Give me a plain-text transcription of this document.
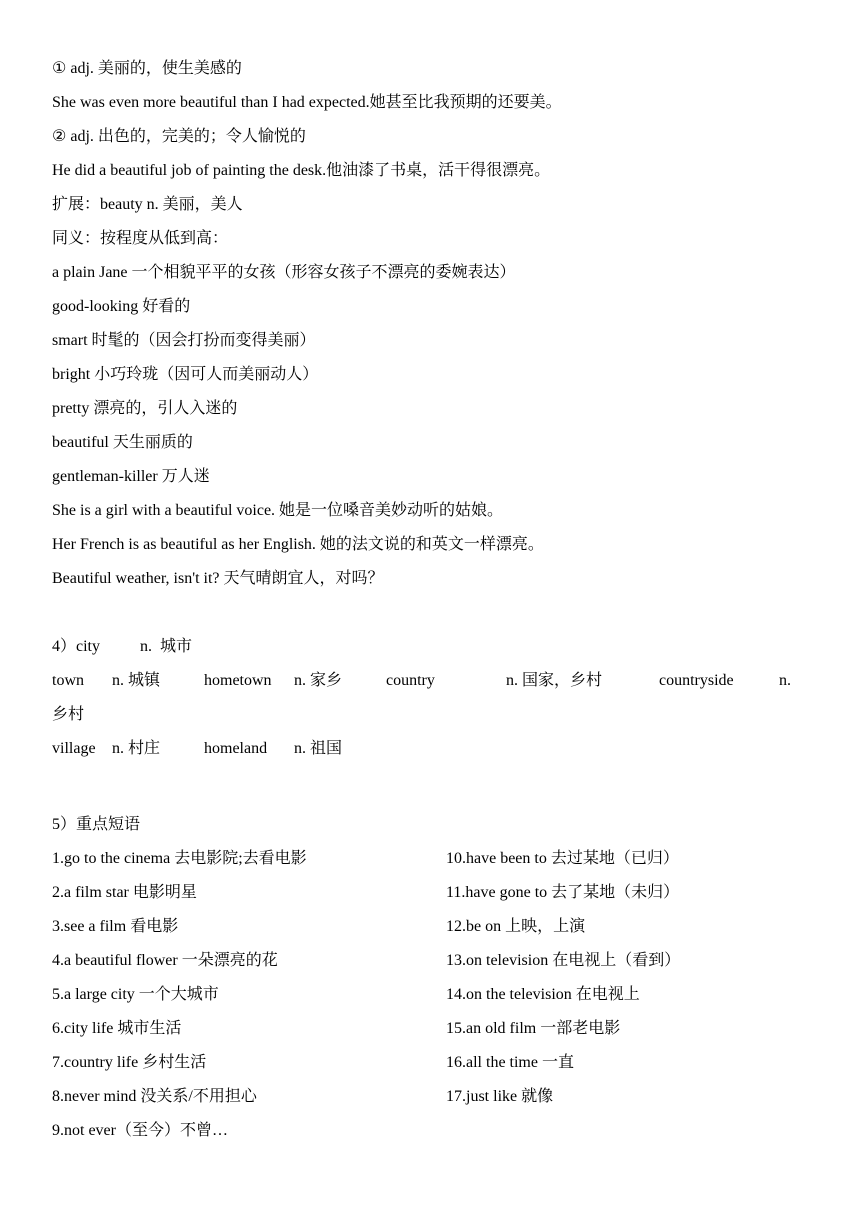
① adj. 美丽的，使生美感的
She was even more beautiful than I had expected.她甚至比我预期的还要美。
② adj. 出色的，完美的；令人愉悦的
He did a beautiful job of painting the desk.他油漆了书桌，活干得很漂亮。
扩展：beauty n. 美丽，美人
同义：按程度从低到高：
a plain Jane 一个相貌平平的女孩（形容女孩子不漂亮的委婉表达）
good-looking 好看的
smart 时髦的（因会打扮而变得美丽）
bright 小巧玲珑（因可人而美丽动人）
pretty 漂亮的，引人入迷的
beautiful 天生丽质的
gentleman-killer 万人迷
She is a girl with a beautiful voice. 她是一位嗓音美妙动听的姑娘。
Her French is as beautiful as her English. 她的法文说的和英文一样漂亮。
Beautiful weather, isn't it? 天气晴朗宜人，对吗？
4）city          n.  城市
town n. 城镇	hometown n. 家乡	country	n. 国家，乡村	countryside	n.
乡村
village n. 村庄	homeland n. 祖国
5）重点短语
1.go to the cinema 去电影院;去看电影
2.a film star 电影明星
3.see a film 看电影
4.a beautiful flower 一朵漂亮的花
5.a large city 一个大城市
6.city life 城市生活
7.country life 乡村生活
8.never mind 没关系/不用担心
9.not ever（至今）不曾…
10.have been to 去过某地（已归）
11.have gone to 去了某地（未归）
12.be on 上映，上演
13.on television 在电视上（看到）
14.on the television 在电视上
15.an old film 一部老电影
16.all the time 一直
17.just like 就像
